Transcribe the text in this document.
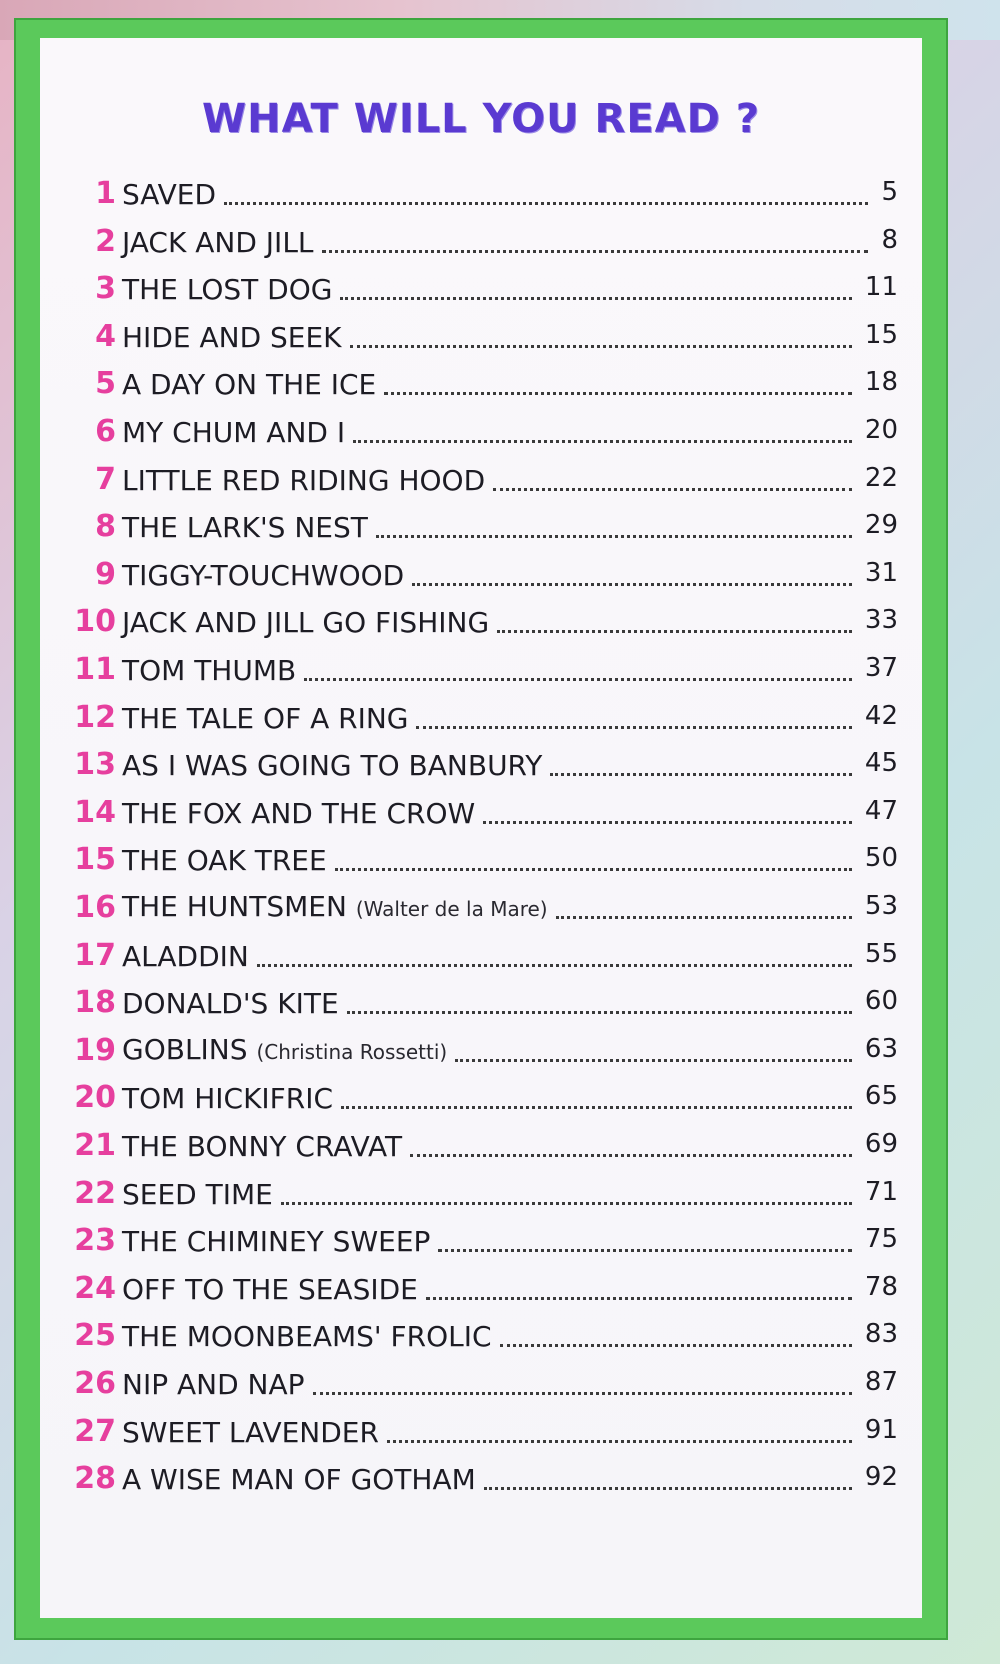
WHAT WILL YOU READ ?
1 SAVED	5
2 JACK AND JILL	8
3 THE LOST DOG	11
4 HIDE AND SEEK	15
5 A DAY ON THE ICE	18
6 MY CHUM AND I	20
7 LITTLE RED RIDING HOOD	22
8 THE LARK'S NEST	29
9 TIGGY-TOUCHWOOD	31
10 JACK AND JILL GO FISHING	33
11 TOM THUMB	37
12 THE TALE OF A RING	42
13 AS I WAS GOING TO BANBURY	45
14 THE FOX AND THE CROW	47
15 THE OAK TREE	50
16 THE HUNTSMEN (Walter de la Mare)	53
17 ALADDIN	55
18 DONALD'S KITE	60
19 GOBLINS (Christina Rossetti)	63
20 TOM HICKIFRIC	65
21 THE BONNY CRAVAT	69
22 SEED TIME	71
23 THE CHIMINEY SWEEP	75
24 OFF TO THE SEASIDE	78
25 THE MOONBEAMS' FROLIC	83
26 NIP AND NAP	87
27 SWEET LAVENDER	91
28 A WISE MAN OF GOTHAM	92
